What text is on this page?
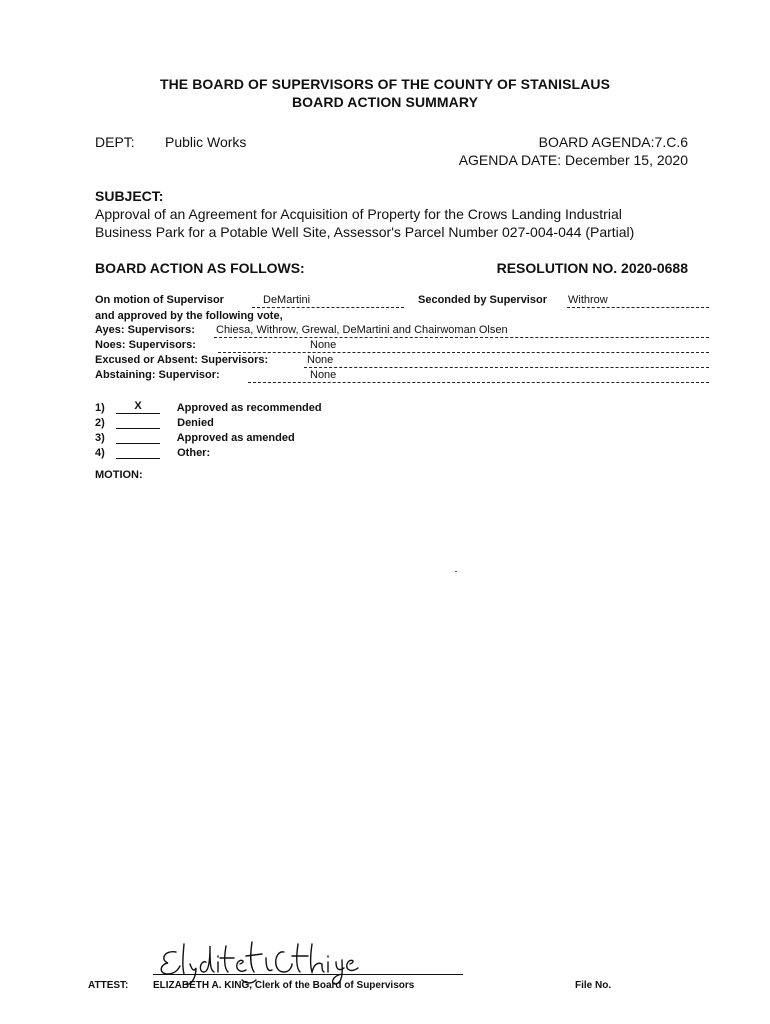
THE BOARD OF SUPERVISORS OF THE COUNTY OF STANISLAUS
BOARD ACTION SUMMARY
DEPT: Public Works	BOARD AGENDA:7.C.6
AGENDA DATE: December 15, 2020
SUBJECT:
Approval of an Agreement for Acquisition of Property for the Crows Landing Industrial
Business Park for a Potable Well Site, Assessor's Parcel Number 027-004-044 (Partial)
BOARD ACTION AS FOLLOWS:	RESOLUTION NO. 2020-0688
On motion of Supervisor	DeMartini	Seconded by Supervisor Withrow
and approved by the following vote,
Ayes: Supervisors: Chiesa, Withrow, Grewal, DeMartini and Chairwoman Olsen
Noes: Supervisors:	None
Excused or Absent: Supervisors:	None
Abstaining: Supervisor:	None
1)	X	Approved as recommended
2)	Denied
3)	Approved as amended
4)	Other:
MOTION:
ATTEST: ELIZABETH A. KING, Clerk of the Board of Supervisors	File No.
